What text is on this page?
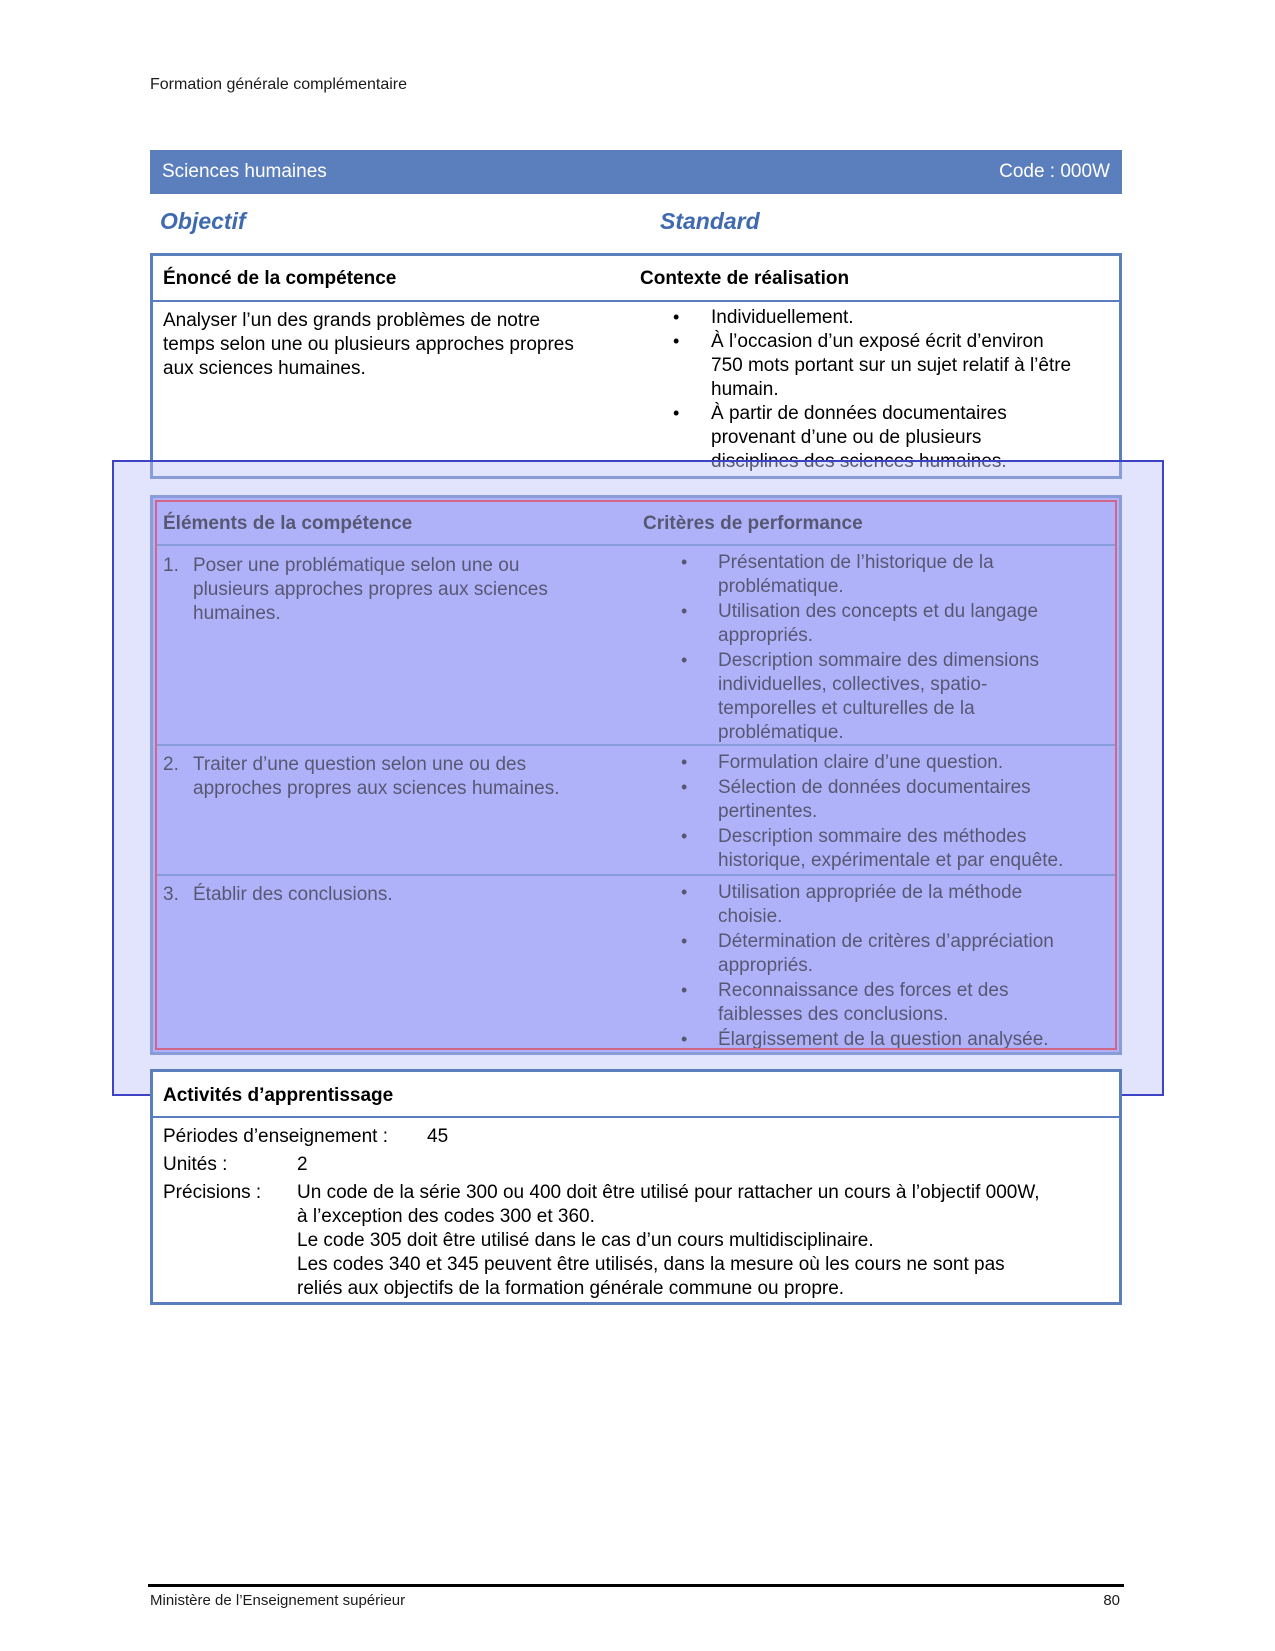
Formation générale complémentaire
Sciences humaines	Code : 000W
Objectif	Standard
Énoncé de la compétence	Contexte de réalisation
Analyser l’un des grands problèmes de notre
temps selon une ou plusieurs approches propres
aux sciences humaines.
• Individuellement.
• À l’occasion d’un exposé écrit d’environ
750 mots portant sur un sujet relatif à l’être
humain.
• À partir de données documentaires
provenant d’une ou de plusieurs
disciplines des sciences humaines.
Éléments de la compétence	Critères de performance
1. Poser une problématique selon une ou
plusieurs approches propres aux sciences
humaines.
• Présentation de l’historique de la
problématique.
• Utilisation des concepts et du langage
appropriés.
• Description sommaire des dimensions
individuelles, collectives, spatio-
temporelles et culturelles de la
problématique.
2. Traiter d’une question selon une ou des
approches propres aux sciences humaines.
• Formulation claire d’une question.
• Sélection de données documentaires
pertinentes.
• Description sommaire des méthodes
historique, expérimentale et par enquête.
3. Établir des conclusions.	• Utilisation appropriée de la méthode
choisie.
• Détermination de critères d’appréciation
appropriés.
• Reconnaissance des forces et des
faiblesses des conclusions.
• Élargissement de la question analysée.
Activités d’apprentissage
Périodes d’enseignement : 45
Unités :	2
Précisions : Un code de la série 300 ou 400 doit être utilisé pour rattacher un cours à l’objectif 000W,
à l’exception des codes 300 et 360.
Le code 305 doit être utilisé dans le cas d’un cours multidisciplinaire.
Les codes 340 et 345 peuvent être utilisés, dans la mesure où les cours ne sont pas
reliés aux objectifs de la formation générale commune ou propre.
Ministère de l’Enseignement supérieur	80
